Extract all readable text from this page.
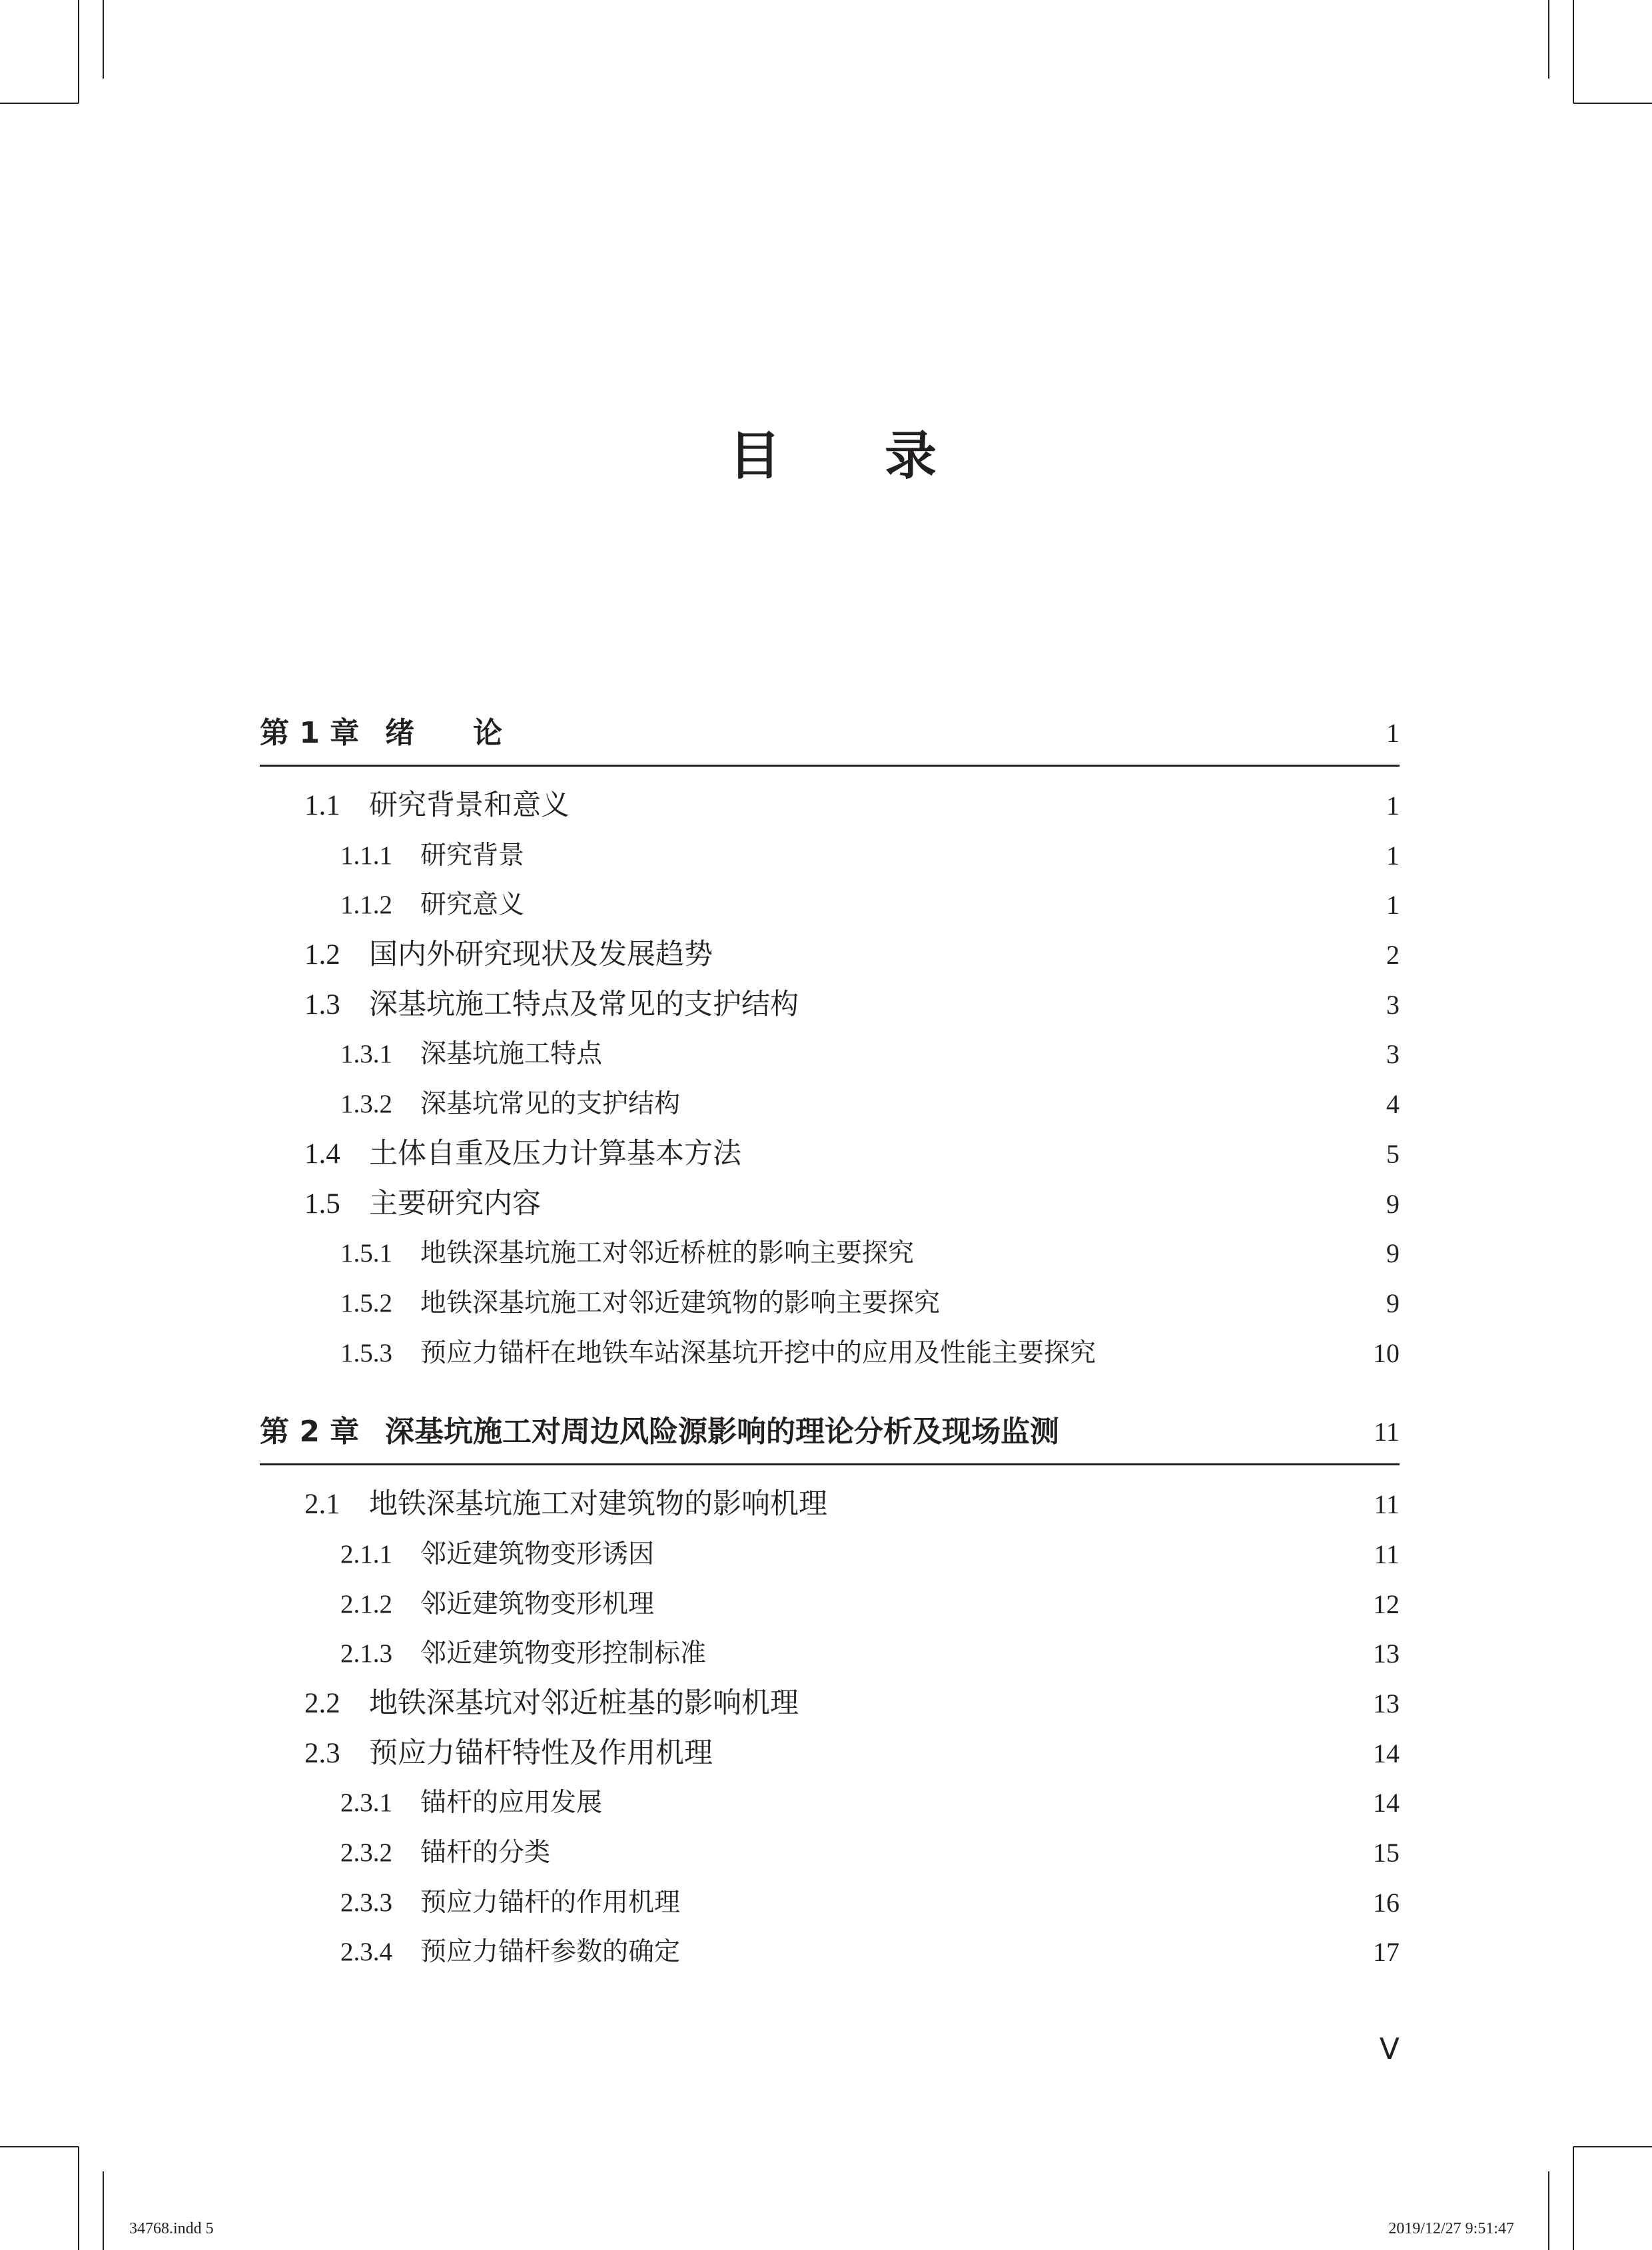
目　　录
第 1 章 绪　　论	1
1.1 研究背景和意义	1
1.1.1 研究背景	1
1.1.2 研究意义	1
1.2 国内外研究现状及发展趋势	2
1.3 深基坑施工特点及常见的支护结构	3
1.3.1 深基坑施工特点	3
1.3.2 深基坑常见的支护结构	4
1.4 土体自重及压力计算基本方法	5
1.5 主要研究内容	9
1.5.1 地铁深基坑施工对邻近桥桩的影响主要探究	9
1.5.2 地铁深基坑施工对邻近建筑物的影响主要探究	9
1.5.3 预应力锚杆在地铁车站深基坑开挖中的应用及性能主要探究	10
第 2 章 深基坑施工对周边风险源影响的理论分析及现场监测	11
2.1 地铁深基坑施工对建筑物的影响机理	11
2.1.1 邻近建筑物变形诱因	11
2.1.2 邻近建筑物变形机理	12
2.1.3 邻近建筑物变形控制标准	13
2.2 地铁深基坑对邻近桩基的影响机理	13
2.3 预应力锚杆特性及作用机理	14
2.3.1 锚杆的应用发展	14
2.3.2 锚杆的分类	15
2.3.3 预应力锚杆的作用机理	16
2.3.4 预应力锚杆参数的确定	17
V
34768.indd 5	2019/12/27 9:51:47
